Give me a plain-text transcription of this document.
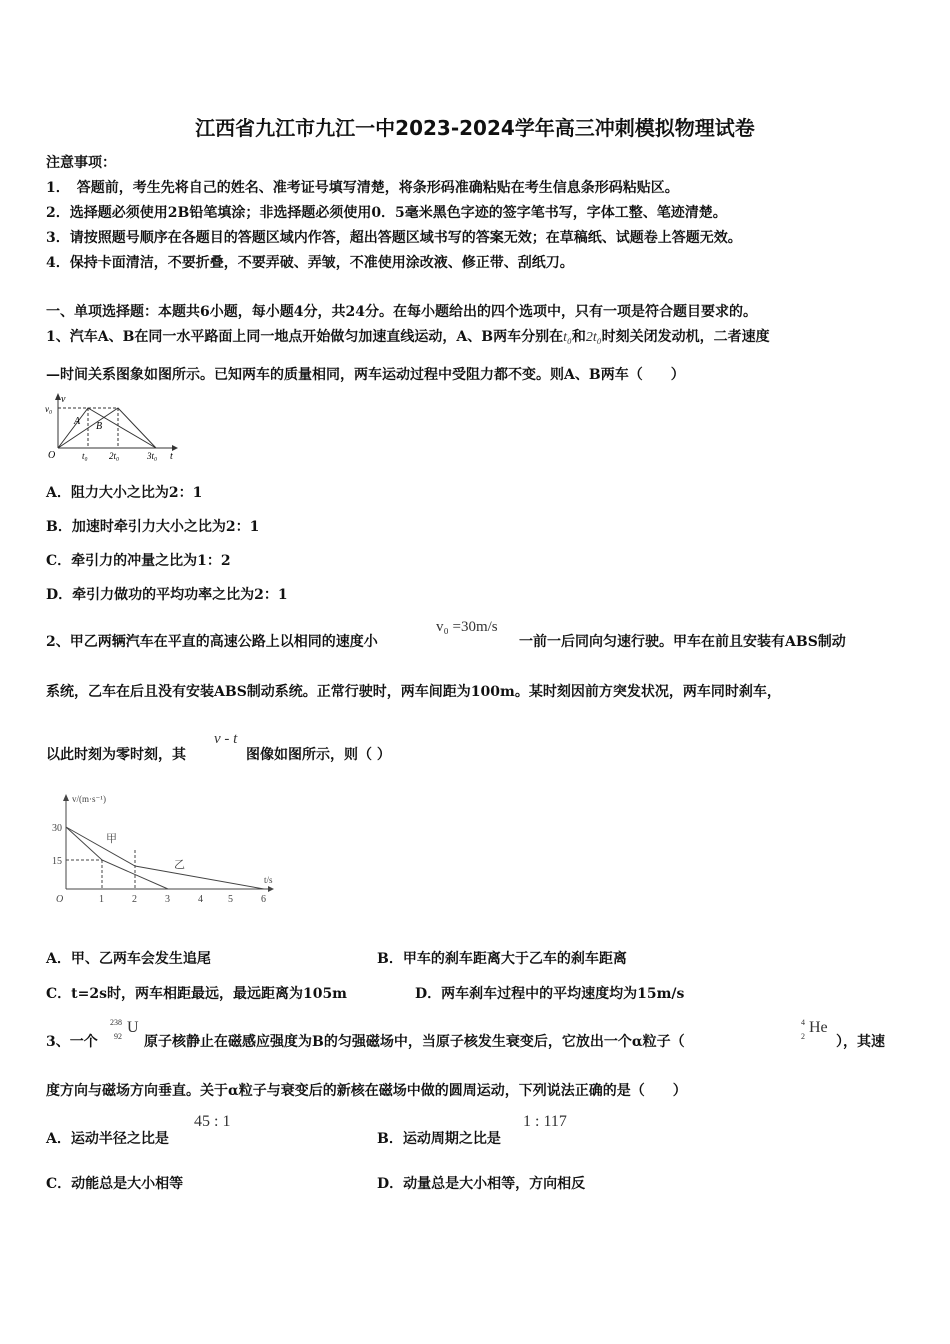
江西省九江市九江一中2023-2024学年高三冲刺模拟物理试卷
注意事项：
1．　答题前，考生先将自己的姓名、准考证号填写清楚，将条形码准确粘贴在考生信息条形码粘贴区。
2．选择题必须使用2B铅笔填涂；非选择题必须使用0．5毫米黑色字迹的签字笔书写，字体工整、笔迹清楚。
3．请按照题号顺序在各题目的答题区域内作答，超出答题区域书写的答案无效；在草稿纸、试题卷上答题无效。
4．保持卡面清洁，不要折叠，不要弄破、弄皱，不准使用涂改液、修正带、刮纸刀。
一、单项选择题：本题共6小题，每小题4分，共24分。在每小题给出的四个选项中，只有一项是符合题目要求的。
1、汽车A、B在同一水平路面上同一地点开始做匀加速直线运动，A、B两车分别在t₀和2t₀时刻关闭发动机，二者速度
—时间关系图象如图所示。已知两车的质量相同，两车运动过程中受阻力都不变。则A、B两车（　　）
v
v₀
O
A B
t₀ 2t₀	3t₀ t
A．阻力大小之比为2：1
B．加速时牵引力大小之比为2：1
C．牵引力的冲量之比为1：2
D．牵引力做功的平均功率之比为2：1
2、甲乙两辆汽车在平直的高速公路上以相同的速度小
v₀ =30m/s
一前一后同向匀速行驶。甲车在前且安装有ABS制动
系统，乙车在后且没有安装ABS制动系统。正常行驶时，两车间距为100m。某时刻因前方突发状况，两车同时刹车，
以此时刻为零时刻，其
v - t
图像如图所示，则（ ）
v/(m·s⁻¹)
t/s
30
15
O
甲
乙
1	2	3	4	5	6
A．甲、乙两车会发生追尾	B．甲车的刹车距离大于乙车的刹车距离
C．t=2s时，两车相距最远，最远距离为105m	D．两车刹车过程中的平均速度均为15m/s
3、一个
238
92
U
原子核静止在磁感应强度为B的匀强磁场中，当原子核发生衰变后，它放出一个α粒子（
4
2
He
），其速
度方向与磁场方向垂直。关于α粒子与衰变后的新核在磁场中做的圆周运动，下列说法正确的是（　　）
A．运动半径之比是
45 : 1
B．运动周期之比是
1 : 117
C．动能总是大小相等	D．动量总是大小相等，方向相反
